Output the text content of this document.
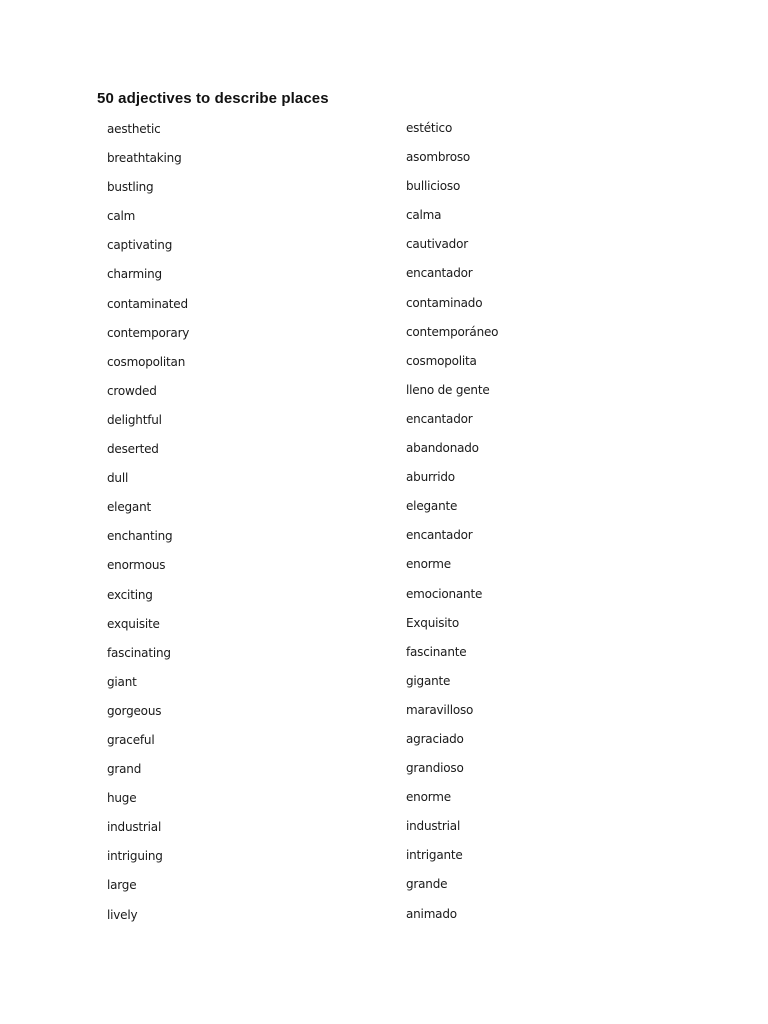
50 adjectives to describe places
aesthetic	estético
breathtaking	asombroso
bustling	bullicioso
calm	calma
captivating	cautivador
charming	encantador
contaminated	contaminado
contemporary	contemporáneo
cosmopolitan	cosmopolita
crowded	lleno de gente
delightful	encantador
deserted	abandonado
dull	aburrido
elegant	elegante
enchanting	encantador
enormous	enorme
exciting	emocionante
exquisite	Exquisito
fascinating	fascinante
giant	gigante
gorgeous	maravilloso
graceful	agraciado
grand	grandioso
huge	enorme
industrial	industrial
intriguing	intrigante
large	grande
lively	animado
